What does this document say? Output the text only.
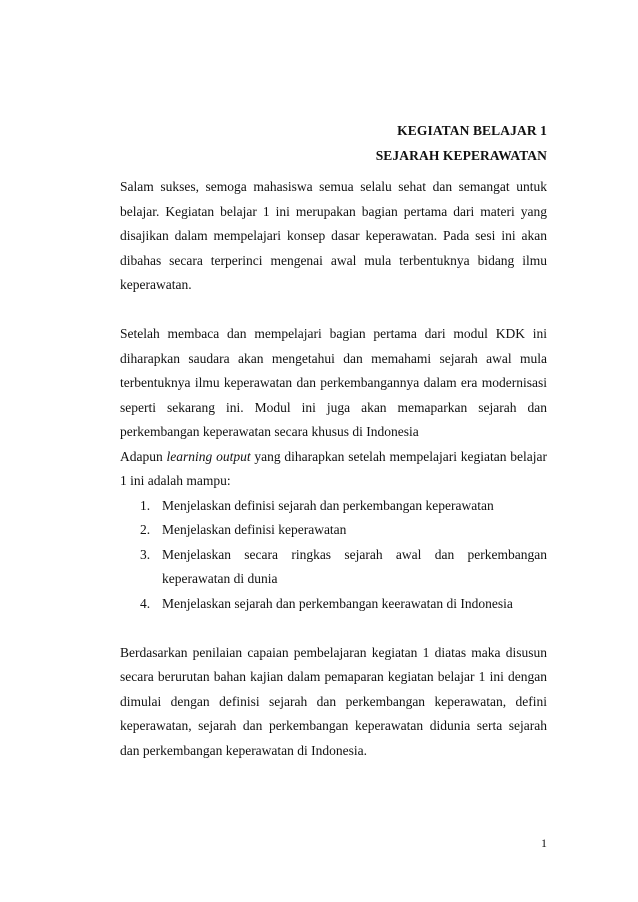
KEGIATAN BELAJAR 1
SEJARAH KEPERAWATAN

Salam sukses, semoga mahasiswa semua selalu sehat dan semangat untuk belajar. Kegiatan belajar 1 ini merupakan bagian pertama dari materi yang disajikan dalam mempelajari konsep dasar keperawatan. Pada sesi ini akan dibahas secara terperinci mengenai awal mula terbentuknya bidang ilmu keperawatan.

Setelah membaca dan mempelajari bagian pertama dari modul KDK ini diharapkan saudara akan mengetahui dan memahami sejarah awal mula terbentuknya ilmu keperawatan dan perkembangannya dalam era modernisasi seperti sekarang ini. Modul ini juga akan memaparkan sejarah dan perkembangan keperawatan secara khusus di Indonesia

Adapun learning output yang diharapkan setelah mempelajari kegiatan belajar 1 ini adalah mampu:

1. Menjelaskan definisi sejarah dan perkembangan keperawatan
2. Menjelaskan definisi keperawatan
3. Menjelaskan secara ringkas sejarah awal dan perkembangan keperawatan di dunia
4. Menjelaskan sejarah dan perkembangan keerawatan di Indonesia

Berdasarkan penilaian capaian pembelajaran kegiatan 1 diatas maka disusun secara berurutan bahan kajian dalam pemaparan kegiatan belajar 1 ini dengan dimulai dengan definisi sejarah dan perkembangan keperawatan, defini keperawatan, sejarah dan perkembangan keperawatan didunia serta sejarah dan perkembangan keperawatan di Indonesia.

1
